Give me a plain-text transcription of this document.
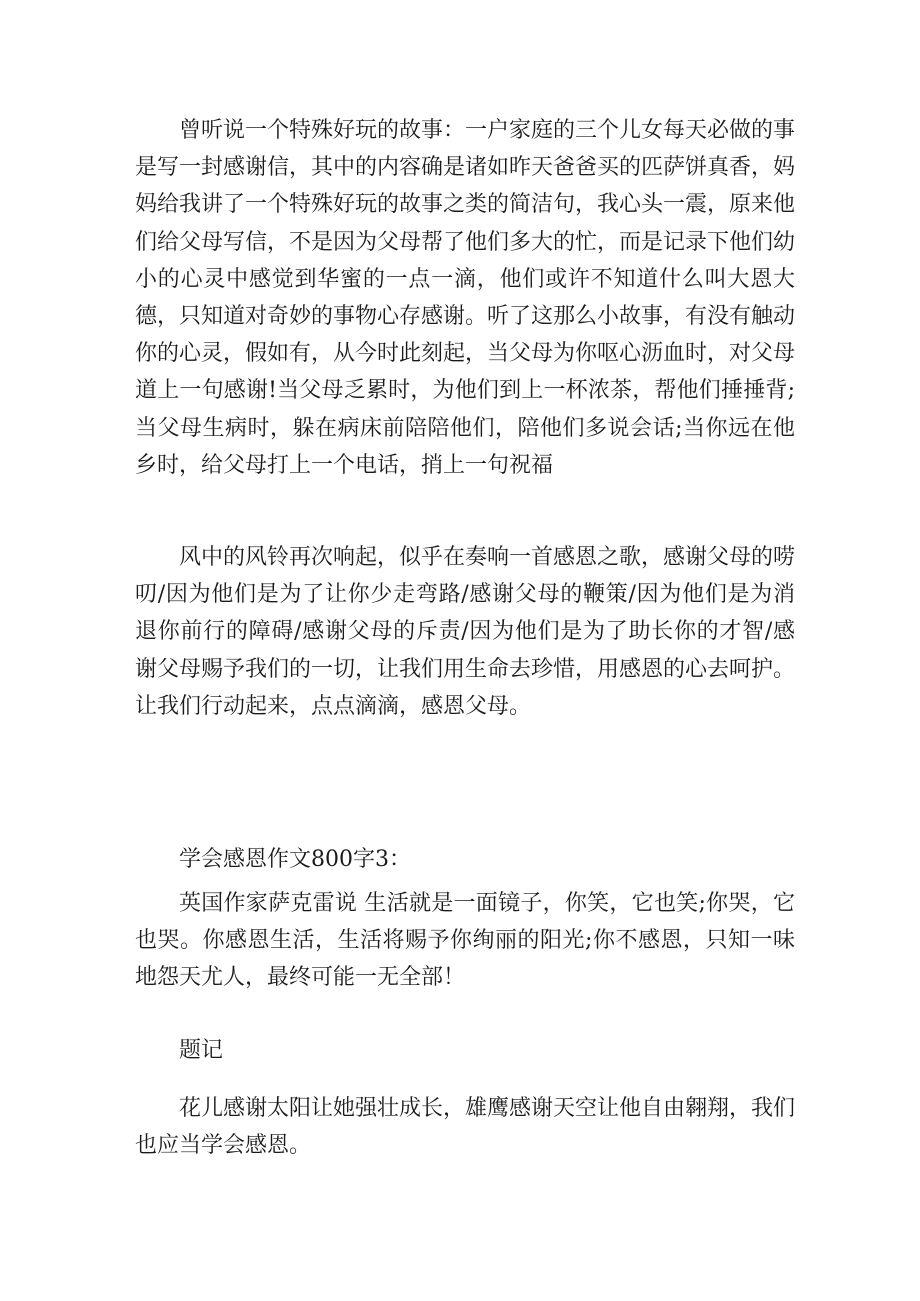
曾听说一个特殊好玩的故事：一户家庭的三个儿女每天必做的事是写一封感谢信，其中的内容确是诸如昨天爸爸买的匹萨饼真香，妈妈给我讲了一个特殊好玩的故事之类的简洁句，我心头一震，原来他们给父母写信，不是因为父母帮了他们多大的忙，而是记录下他们幼小的心灵中感觉到华蜜的一点一滴，他们或许不知道什么叫大恩大德，只知道对奇妙的事物心存感谢。听了这那么小故事，有没有触动你的心灵，假如有，从今时此刻起，当父母为你呕心沥血时，对父母道上一句感谢!当父母乏累时，为他们到上一杯浓茶，帮他们捶捶背;当父母生病时，躲在病床前陪陪他们，陪他们多说会话;当你远在他乡时，给父母打上一个电话，捎上一句祝福

风中的风铃再次响起，似乎在奏响一首感恩之歌，感谢父母的唠叨/因为他们是为了让你少走弯路/感谢父母的鞭策/因为他们是为消退你前行的障碍/感谢父母的斥责/因为他们是为了助长你的才智/感谢父母赐予我们的一切，让我们用生命去珍惜，用感恩的心去呵护。让我们行动起来，点点滴滴，感恩父母。

学会感恩作文800字3：

英国作家萨克雷说 生活就是一面镜子，你笑，它也笑;你哭，它也哭。你感恩生活，生活将赐予你绚丽的阳光;你不感恩，只知一味地怨天尤人，最终可能一无全部！

题记

花儿感谢太阳让她强壮成长，雄鹰感谢天空让他自由翱翔，我们也应当学会感恩。
